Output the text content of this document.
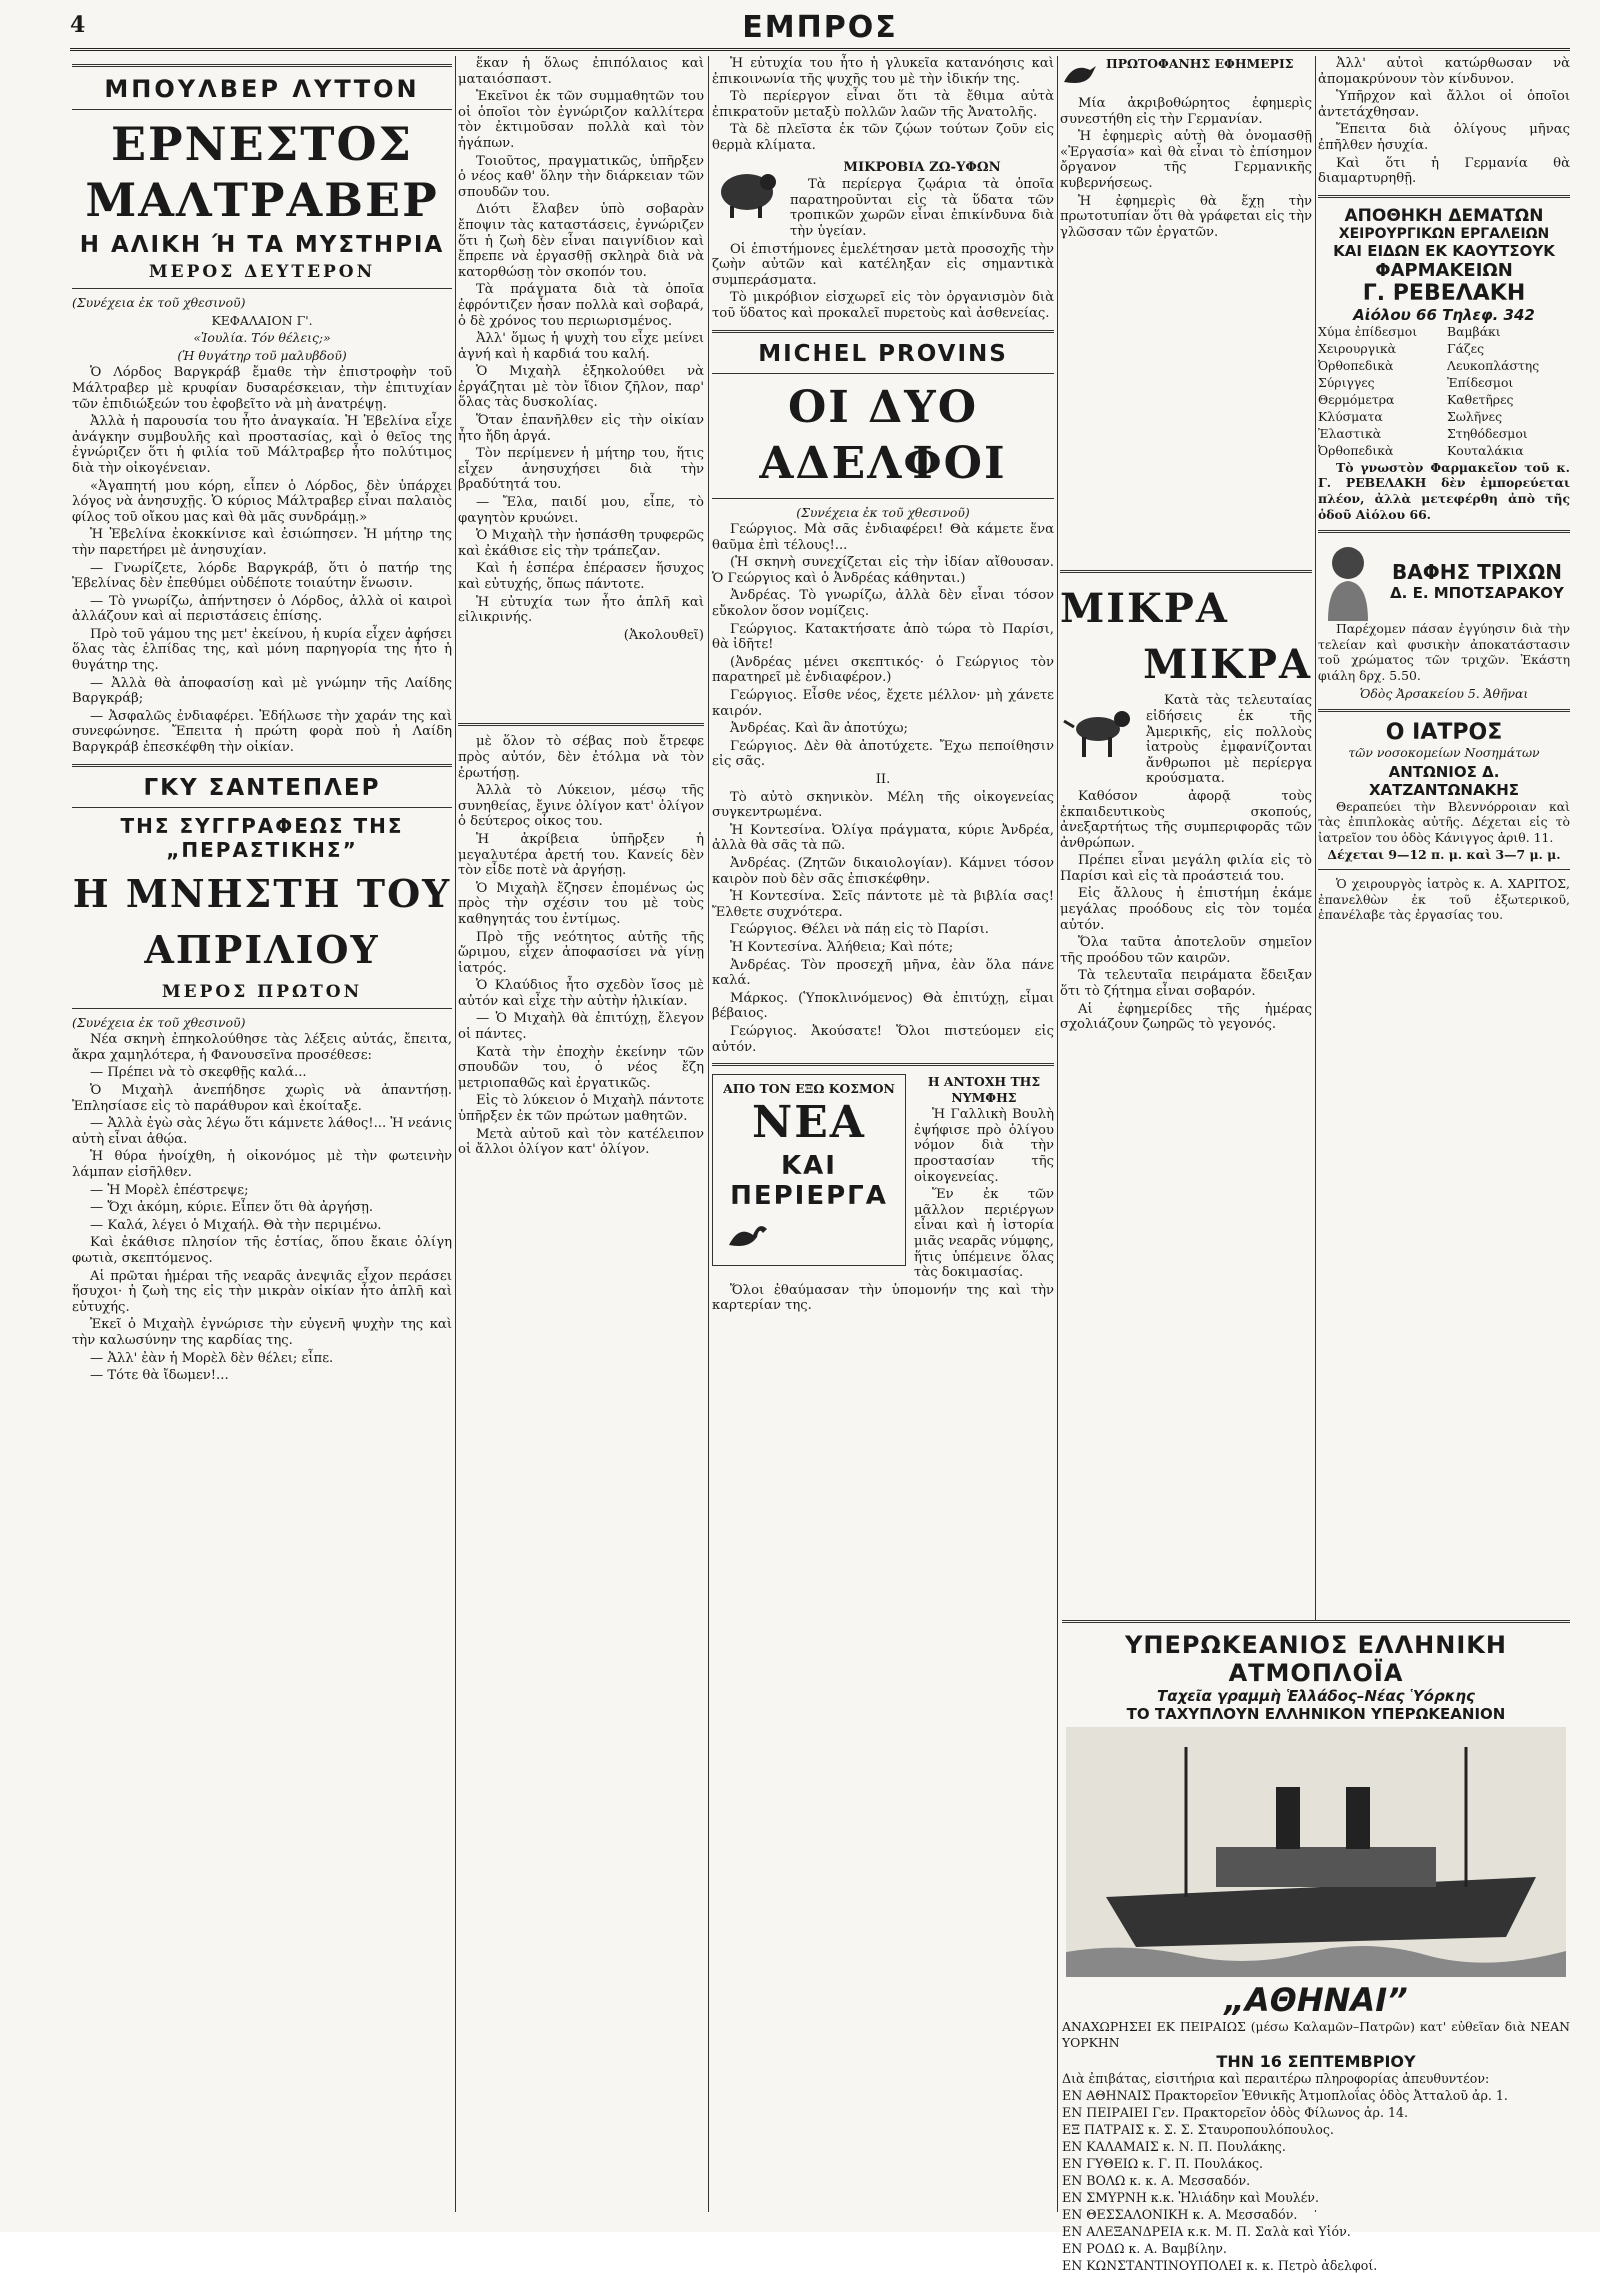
4	ΕΜΠΡΟΣ
ΜΠΟΥΛΒΕΡ ΛΥΤΤΟΝ
ΕΡΝΕΣΤΟΣ ΜΑΛΤΡΑΒΕΡ
Η ΑΛΙΚΗ Ή ΤΑ ΜΥΣΤΗΡΙΑ
ΜΕΡΟΣ ΔΕΥΤΕΡΟΝ

(Συνέχεια ἐκ τοῦ χθεσινοῦ)

ΚΕΦΑΛΑΙΟΝ Γ'.

«Ἰουλία. Τόν θέλεις;»

(Ἡ θυγάτηρ τοῦ μαλυβδοῦ)

Ὁ Λόρδος Βαργκράβ ἔμαθε τὴν ἐπιστροφὴν τοῦ Μάλτραβερ μὲ κρυφίαν δυσαρέσκειαν, τὴν ἐπιτυχίαν τῶν ἐπιδιώξεών του ἐφοβεῖτο νὰ μὴ ἀνατρέψῃ.

Ἀλλὰ ἡ παρουσία του ἦτο ἀναγκαία. Ἡ Ἐβελίνα εἶχε ἀνάγκην συμβουλῆς καὶ προστασίας, καὶ ὁ θεῖος της ἐγνώριζεν ὅτι ἡ φιλία τοῦ Μάλτραβερ ἦτο πολύτιμος διὰ τὴν οἰκογένειαν.

«Ἀγαπητή μου κόρη, εἶπεν ὁ Λόρδος, δὲν ὑπάρχει λόγος νὰ ἀνησυχῇς. Ὁ κύριος Μάλτραβερ εἶναι παλαιὸς φίλος τοῦ οἴκου μας καὶ θὰ μᾶς συνδράμῃ.»

Ἡ Ἐβελίνα ἐκοκκίνισε καὶ ἐσιώπησεν. Ἡ μήτηρ της τὴν παρετήρει μὲ ἀνησυχίαν.

— Γνωρίζετε, λόρδε Βαργκράβ, ὅτι ὁ πατήρ της Ἐβελίνας δὲν ἐπεθύμει οὐδέποτε τοιαύτην ἕνωσιν.

— Τὸ γνωρίζω, ἀπήντησεν ὁ Λόρδος, ἀλλὰ οἱ καιροὶ ἀλλάζουν καὶ αἱ περιστάσεις ἐπίσης.

Πρὸ τοῦ γάμου της μετ' ἐκείνου, ἡ κυρία εἶχεν ἀφήσει ὅλας τὰς ἐλπίδας της, καὶ μόνη παρηγορία της ἦτο ἡ θυγάτηρ της.

— Ἀλλὰ θὰ ἀποφασίσῃ καὶ μὲ γνώμην τῆς Λαίδης Βαργκράβ;

— Ἀσφαλῶς ἐνδιαφέρει. Ἐδήλωσε τὴν χαράν της καὶ συνεφώνησε. Ἔπειτα ἡ πρώτη φορὰ ποὺ ἡ Λαίδη Βαργκράβ ἐπεσκέφθη τὴν οἰκίαν.

ΓΚΥ ΣΑΝΤΕΠΛΕΡ
ΤΗΣ ΣΥΓΓΡΑΦΕΩΣ ΤΗΣ „ΠΕΡΑΣΤΙΚΗΣ”
Η ΜΝΗΣΤΗ ΤΟΥ ΑΠΡΙΛΙΟΥ
ΜΕΡΟΣ ΠΡΩΤΟΝ

(Συνέχεια ἐκ τοῦ χθεσινοῦ)

Νέα σκηνὴ ἐπηκολούθησε τὰς λέξεις αὐτάς, ἔπειτα, ἄκρα χαμηλότερα, ἡ Φανουσεῖνα προσέθεσε:

— Πρέπει νὰ τὸ σκεφθῇς καλά...

Ὁ Μιχαὴλ ἀνεπήδησε χωρὶς νὰ ἀπαντήσῃ. Ἐπλησίασε εἰς τὸ παράθυρον καὶ ἐκοίταξε.

— Ἀλλὰ ἐγὼ σὰς λέγω ὅτι κάμνετε λάθος!... Ἡ νεάνις αὐτὴ εἶναι ἀθῴα.

Ἡ θύρα ἠνοίχθη, ἡ οἰκονόμος μὲ τὴν φωτεινὴν λάμπαν εἰσῆλθεν.

— Ἡ Μορὲλ ἐπέστρεψε;

— Ὄχι ἀκόμη, κύριε. Εἶπεν ὅτι θὰ ἀργήσῃ.

— Καλά, λέγει ὁ Μιχαήλ. Θὰ τὴν περιμένω.

Καὶ ἐκάθισε πλησίον τῆς ἑστίας, ὅπου ἔκαιε ὀλίγη φωτιὰ, σκεπτόμενος.

Αἱ πρῶται ἡμέραι τῆς νεαρᾶς ἀνεψιᾶς εἶχον περάσει ἥσυχοι· ἡ ζωὴ της εἰς τὴν μικρὰν οἰκίαν ἦτο ἀπλῆ καὶ εὐτυχής.

Ἐκεῖ ὁ Μιχαὴλ ἐγνώρισε τὴν εὐγενῆ ψυχὴν της καὶ τὴν καλωσύνην της καρδίας της.

— Ἀλλ' ἐὰν ἡ Μορὲλ δὲν θέλει; εἶπε.

— Τότε θὰ ἴδωμεν!...

ἕκαν ἡ ὅλως ἐπιπόλαιος καὶ ματαιόσπαστ.

Ἐκεῖνοι ἐκ τῶν συμμαθητῶν του οἱ ὁποῖοι τὸν ἐγνώριζον καλλίτερα τὸν ἐκτιμοῦσαν πολλὰ καὶ τὸν ἠγάπων.

Τοιοῦτος, πραγματικῶς, ὑπῆρξεν ὁ νέος καθ' ὅλην τὴν διάρκειαν τῶν σπουδῶν του.

Διότι ἔλαβεν ὑπὸ σοβαρὰν ἔποψιν τὰς καταστάσεις, ἐγνώριζεν ὅτι ἡ ζωὴ δὲν εἶναι παιγνίδιον καὶ ἔπρεπε νὰ ἐργασθῇ σκληρὰ διὰ νὰ κατορθώσῃ τὸν σκοπόν του.

Τὰ πράγματα διὰ τὰ ὁποῖα ἐφρόντιζεν ἦσαν πολλὰ καὶ σοβαρά, ὁ δὲ χρόνος του περιωρισμένος.

Ἀλλ' ὅμως ἡ ψυχὴ του εἶχε μείνει ἁγνή καὶ ἡ καρδιά του καλή.

Ὁ Μιχαὴλ ἐξηκολούθει νὰ ἐργάζηται μὲ τὸν ἴδιον ζῆλον, παρ' ὅλας τὰς δυσκολίας.

Ὅταν ἐπανῆλθεν εἰς τὴν οἰκίαν ἦτο ἤδη ἀργά.

Τὸν περίμενεν ἡ μήτηρ του, ἥτις εἶχεν ἀνησυχήσει διὰ τὴν βραδύτητά του.

— Ἔλα, παιδί μου, εἶπε, τὸ φαγητὸν κρυώνει.

Ὁ Μιχαὴλ τὴν ἠσπάσθη τρυφερῶς καὶ ἐκάθισε εἰς τὴν τράπεζαν.

Καὶ ἡ ἑσπέρα ἐπέρασεν ἥσυχος καὶ εὐτυχής, ὅπως πάντοτε.

Ἡ εὐτυχία των ἦτο ἁπλῆ καὶ εἰλικρινής.

(Ἀκολουθεῖ)

μὲ ὅλον τὸ σέβας ποὺ ἔτρεφε πρὸς αὐτόν, δὲν ἐτόλμα νὰ τὸν ἐρωτήσῃ.

Ἀλλὰ τὸ Λύκειον, μέσῳ τῆς συνηθείας, ἔγινε ὀλίγον κατ' ὀλίγον ὁ δεύτερος οἶκος του.

Ἡ ἀκρίβεια ὑπῆρξεν ἡ μεγαλυτέρα ἀρετή του. Κανείς δὲν τὸν εἶδε ποτὲ νὰ ἀργήσῃ.

Ὁ Μιχαὴλ ἔζησεν ἐπομένως ὡς πρὸς τὴν σχέσιν του μὲ τοὺς καθηγητάς του ἐντίμως.

Πρὸ τῆς νεότητος αὐτῆς τῆς ὥριμου, εἶχεν ἀποφασίσει νὰ γίνῃ ἰατρός.

Ὁ Κλαύδιος ἦτο σχεδὸν ἴσος μὲ αὐτόν καὶ εἶχε τὴν αὐτὴν ἡλικίαν.

— Ὁ Μιχαὴλ θὰ ἐπιτύχῃ, ἔλεγον οἱ πάντες.

Κατὰ τὴν ἐποχὴν ἐκείνην τῶν σπουδῶν του, ὁ νέος ἔζη μετριοπαθῶς καὶ ἐργατικῶς.

Εἰς τὸ λύκειον ὁ Μιχαὴλ πάντοτε ὑπῆρξεν ἐκ τῶν πρώτων μαθητῶν.

Μετὰ αὐτοῦ καὶ τὸν κατέλειπον οἱ ἄλλοι ὀλίγον κατ' ὀλίγον.

Ἡ εὐτυχία του ἦτο ἡ γλυκεῖα κατανόησις καὶ ἐπικοινωνία τῆς ψυχῆς του μὲ τὴν ἰδικήν της.

Τὸ περίεργον εἶναι ὅτι τὰ ἔθιμα αὐτὰ ἐπικρατοῦν μεταξὺ πολλῶν λαῶν τῆς Ἀνατολῆς.

Τὰ δὲ πλεῖστα ἐκ τῶν ζῴων τούτων ζοῦν εἰς θερμὰ κλίματα.

ΜΙΚΡΟΒΙΑ ΖΩ-ΥΦΩΝ

Τὰ περίεργα ζῳάρια τὰ ὁποῖα παρατηροῦνται εἰς τὰ ὕδατα τῶν τροπικῶν χωρῶν εἶναι ἐπικίνδυνα διὰ τὴν ὑγείαν.

Οἱ ἐπιστήμονες ἐμελέτησαν μετὰ προσοχῆς τὴν ζωὴν αὐτῶν καὶ κατέληξαν εἰς σημαντικὰ συμπεράσματα.

Τὸ μικρόβιον εἰσχωρεῖ εἰς τὸν ὀργανισμὸν διὰ τοῦ ὕδατος καὶ προκαλεῖ πυρετοὺς καὶ ἀσθενείας.

MICHEL PROVINS
ΟΙ ΔΥΟ ΑΔΕΛΦΟΙ

(Συνέχεια ἐκ τοῦ χθεσινοῦ)

Γεώργιος. Μὰ σᾶς ἐνδιαφέρει! Θὰ κάμετε ἕνα θαῦμα ἐπὶ τέλους!...

(Ἡ σκηνὴ συνεχίζεται εἰς τὴν ἰδίαν αἴθουσαν. Ὁ Γεώργιος καὶ ὁ Ἀνδρέας κάθηνται.)

Ἀνδρέας. Τὸ γνωρίζω, ἀλλὰ δὲν εἶναι τόσον εὔκολον ὅσον νομίζεις.

Γεώργιος. Κατακτήσατε ἀπὸ τώρα τὸ Παρίσι, θὰ ἰδῆτε!

(Ἀνδρέας μένει σκεπτικός· ὁ Γεώργιος τὸν παρατηρεῖ μὲ ἐνδιαφέρον.)

Γεώργιος. Εἶσθε νέος, ἔχετε μέλλον· μὴ χάνετε καιρόν.

Ἀνδρέας. Καὶ ἂν ἀποτύχω;

Γεώργιος. Δὲν θὰ ἀποτύχετε. Ἔχω πεποίθησιν εἰς σᾶς.

II.

Τὸ αὐτὸ σκηνικὸν. Μέλη τῆς οἰκογενείας συγκεντρωμένα.

Ἡ Κοντεσίνα. Ὀλίγα πράγματα, κύριε Ἀνδρέα, ἀλλὰ θὰ σᾶς τὰ πῶ.

Ἀνδρέας. (Ζητῶν δικαιολογίαν). Κάμνει τόσον καιρὸν ποὺ δὲν σᾶς ἐπισκέφθην.

Ἡ Κοντεσίνα. Σεῖς πάντοτε μὲ τὰ βιβλία σας! Ἔλθετε συχνότερα.

Γεώργιος. Θέλει νὰ πάῃ εἰς τὸ Παρίσι.

Ἡ Κοντεσίνα. Ἀλήθεια; Καὶ πότε;

Ἀνδρέας. Τὸν προσεχῆ μῆνα, ἐὰν ὅλα πάνε καλά.

Μάρκος. (Ὑποκλινόμενος) Θὰ ἐπιτύχῃ, εἶμαι βέβαιος.

Γεώργιος. Ἀκούσατε! Ὅλοι πιστεύομεν εἰς αὐτόν.

ΑΠΟ ΤΟΝ ΕΞΩ ΚΟΣΜΟΝ

ΝΕΑ
ΚΑΙ ΠΕΡΙΕΡΓΑ

Η ΑΝΤΟΧΗ ΤΗΣ ΝΥΜΦΗΣ

Ἡ Γαλλικὴ Βουλὴ ἐψήφισε πρὸ ὀλίγου νόμον διὰ τὴν προστασίαν τῆς οἰκογενείας.

Ἕν ἐκ τῶν μᾶλλον περιέργων εἶναι καὶ ἡ ἱστορία μιᾶς νεαρᾶς νύμφης, ἥτις ὑπέμεινε ὅλας τὰς δοκιμασίας.

Ὅλοι ἐθαύμασαν τὴν ὑπομονήν της καὶ τὴν καρτερίαν της.

ΠΡΩΤΟΦΑΝΗΣ ΕΦΗΜΕΡΙΣ

Μία ἀκριβοθώρητος ἐφημερὶς συνεστήθη εἰς τὴν Γερμανίαν.

Ἡ ἐφημερὶς αὐτὴ θὰ ὀνομασθῇ «Ἐργασία» καὶ θὰ εἶναι τὸ ἐπίσημον ὄργανον τῆς Γερμανικῆς κυβερνήσεως.

Ἡ ἐφημερὶς θὰ ἔχῃ τὴν πρωτοτυπίαν ὅτι θὰ γράφεται εἰς τὴν γλῶσσαν τῶν ἐργατῶν.

ΜΙΚΡΑ
ΜΙΚΡΑ

Κατὰ τὰς τελευταίας εἰδήσεις ἐκ τῆς Ἀμερικῆς, εἰς πολλοὺς ἰατροὺς ἐμφανίζονται ἄνθρωποι μὲ περίεργα κρούσματα.

Καθόσον ἀφορᾷ τοὺς ἐκπαιδευτικοὺς σκοπούς, ἀνεξαρτήτως τῆς συμπεριφορᾶς τῶν ἀνθρώπων.

Πρέπει εἶναι μεγάλη φιλία εἰς τὸ Παρίσι καὶ εἰς τὰ προάστειά του.

Εἰς ἄλλους ἡ ἐπιστήμη ἐκάμε μεγάλας προόδους εἰς τὸν τομέα αὐτόν.

Ὅλα ταῦτα ἀποτελοῦν σημεῖον τῆς προόδου τῶν καιρῶν.

Τὰ τελευταῖα πειράματα ἔδειξαν ὅτι τὸ ζήτημα εἶναι σοβαρόν.

Αἱ ἐφημερίδες τῆς ἡμέρας σχολιάζουν ζωηρῶς τὸ γεγονός.

Ἀλλ' αὐτοὶ κατώρθωσαν νὰ ἀπομακρύνουν τὸν κίνδυνον.

Ὑπῆρχον καὶ ἄλλοι οἱ ὁποῖοι ἀντετάχθησαν.

Ἔπειτα διὰ ὀλίγους μῆνας ἐπῆλθεν ἡσυχία.

Καὶ ὅτι ἡ Γερμανία θὰ διαμαρτυρηθῇ.

ΑΠΟΘΗΚΗ ΔΕΜΑΤΩΝ
ΧΕΙΡΟΥΡΓΙΚΩΝ ΕΡΓΑΛΕΙΩΝ
ΚΑΙ ΕΙΔΩΝ ΕΚ ΚΑΟΥΤΣΟΥΚ
ΦΑΡΜΑΚΕΙΩΝ
Γ. ΡΕΒΕΛΑΚΗ
Αἰόλου 66 Τηλεφ. 342

Χύμα ἐπίδεσμοι

Χειρουργικὰ

Ὀρθοπεδικὰ

Σύριγγες

Θερμόμετρα

Κλύσματα

Ἐλαστικὰ

Ὀρθοπεδικὰ

Βαμβάκι

Γάζες

Λευκοπλάστης

Ἐπίδεσμοι

Καθετῆρες

Σωλῆνες

Στηθόδεσμοι

Κουταλάκια

Τὸ γνωστὸν Φαρμακεῖον τοῦ κ. Γ. ΡΕΒΕΛΑΚΗ δὲν ἐμπορεύεται πλέον, ἀλλὰ μετεφέρθη ἀπὸ τῆς ὁδοῦ Αἰόλου 66.

ΒΑΦΗΣ ΤΡΙΧΩΝ
Δ. Ε. ΜΠΟΤΣΑΡΑΚΟΥ

Παρέχομεν πάσαν ἐγγύησιν διὰ τὴν τελείαν καὶ φυσικὴν ἀποκατάστασιν τοῦ χρώματος τῶν τριχῶν. Ἐκάστη φιάλη δρχ. 5.50.

Ὁδὸς Ἀρσακείου 5. Ἀθῆναι

Ο ΙΑΤΡΟΣ

τῶν νοσοκομείων Νοσημάτων

ΑΝΤΩΝΙΟΣ Δ. ΧΑΤΖΑΝΤΩΝΑΚΗΣ

Θεραπεύει τὴν Βλεννόρροιαν καὶ τὰς ἐπιπλοκὰς αὐτῆς. Δέχεται εἰς τὸ ἰατρεῖον του ὁδὸς Κάνιγγος ἀριθ. 11.

Δέχεται 9—12 π. μ. καὶ 3—7 μ. μ.

Ὁ χειρουργὸς ἰατρὸς κ. Α. ΧΑΡΙΤΟΣ, ἐπανελθὼν ἐκ τοῦ ἐξωτερικοῦ, ἐπανέλαβε τὰς ἐργασίας του.

ΥΠΕΡΩΚΕΑΝΙΟΣ ΕΛΛΗΝΙΚΗ ΑΤΜΟΠΛΟΪΑ
Ταχεῖα γραμμὴ Ἑλλάδος–Νέας Ὑόρκης
ΤΟ ΤΑΧΥΠΛΟΥΝ ΕΛΛΗΝΙΚΟΝ ΥΠΕΡΩΚΕΑΝΙΟΝ
„ΑΘΗΝΑΙ”

ΑΝΑΧΩΡΗΣΕΙ ΕΚ ΠΕΙΡΑΙΩΣ (μέσω Καλαμῶν–Πατρῶν) κατ' εὐθεῖαν διὰ ΝΕΑΝ ΥΟΡΚΗΝ

ΤΗΝ 16 ΣΕΠΤΕΜΒΡΙΟΥ

Διὰ ἐπιβάτας, εἰσιτήρια καὶ περαιτέρω πληροφορίας ἀπευθυντέον:

ΕΝ ΑΘΗΝΑΙΣ Πρακτορεῖον Ἑθνικῆς Ἀτμοπλοΐας ὁδὸς Ἀτταλοῦ ἀρ. 1.

ΕΝ ΠΕΙΡΑΙΕΙ Γεν. Πρακτορεῖον ὁδὸς Φίλωνος ἀρ. 14.

ΕΞ ΠΑΤΡΑΙΣ κ. Σ. Σ. Σταυροπουλόπουλος.

ΕΝ ΚΑΛΑΜΑΙΣ κ. Ν. Π. Πουλάκης.

ΕΝ ΓΥΘΕΙΩ κ. Γ. Π. Πουλάκος.

ΕΝ ΒΟΛΩ κ. κ. Α. Μεσσαδόν.

ΕΝ ΣΜΥΡΝΗ κ.κ. Ἠλιάδην καὶ Μουλέν.

ΕΝ ΘΕΣΣΑΛΟΝΙΚΗ κ. Α. Μεσσαδόν.

ΕΝ ΑΛΕΞΑΝΔΡΕΙΑ κ.κ. Μ. Π. Σαλὰ καὶ Υἱόν.

ΕΝ ΡΟΔΩ κ. Α. Βαμβίλην.

ΕΝ ΚΩΝΣΤΑΝΤΙΝΟΥΠΟΛΕΙ κ. κ. Πετρὸ ἀδελφοί.
